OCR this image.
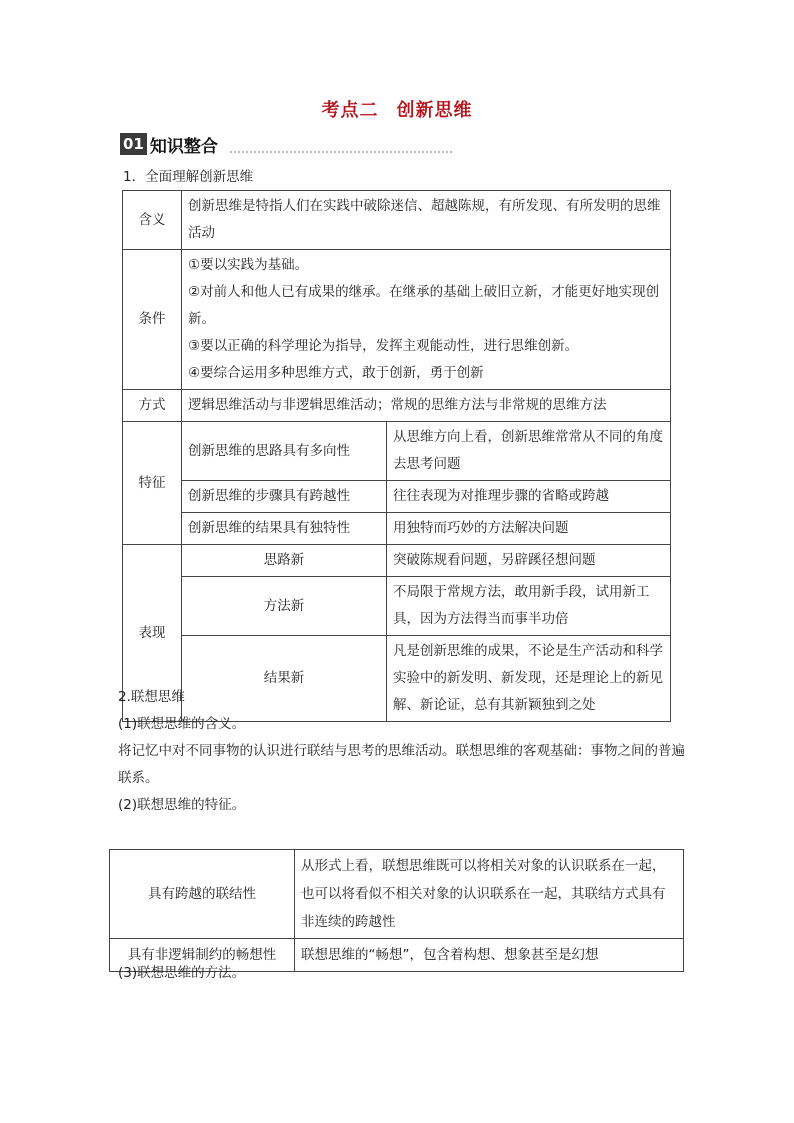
考点二 创新思维
01 知识整合
1．全面理解创新思维
含义	创新思维是特指人们在实践中破除迷信、超越陈规，有所发现、有所发明的思维活动	
条件	①要以实践为基础。
②对前人和他人已有成果的继承。在继承的基础上破旧立新，才能更好地实现创新。
③要以正确的科学理论为指导，发挥主观能动性，进行思维创新。
④要综合运用多种思维方式，敢于创新，勇于创新	

方式	逻辑思维活动与非逻辑思维活动；常规的思维方法与非常规的思维方法	
特征	创新思维的思路具有多向性	从思维方向上看，创新思维常常从不同的角度去思考问题
	创新思维的步骤具有跨越性	往往表现为对推理步骤的省略或跨越
	创新思维的结果具有独特性	用独特而巧妙的方法解决问题
表现	思路新	突破陈规看问题，另辟蹊径想问题
	方法新	不局限于常规方法，敢用新手段，试用新工具，因为方法得当而事半功倍
	结果新	凡是创新思维的成果，不论是生产活动和科学实验中的新发明、新发现，还是理论上的新见解、新论证，总有其新颖独到之处
2.联想思维
(1)联想思维的含义。
将记忆中对不同事物的认识进行联结与思考的思维活动。联想思维的客观基础：事物之间的普遍联系。
(2)联想思维的特征。
具有跨越的联结性	从形式上看，联想思维既可以将相关对象的认识联系在一起，也可以将看似不相关对象的认识联系在一起，其联结方式具有非连续的跨越性
具有非逻辑制约的畅想性	联想思维的“畅想”，包含着构想、想象甚至是幻想
(3)联想思维的方法。
